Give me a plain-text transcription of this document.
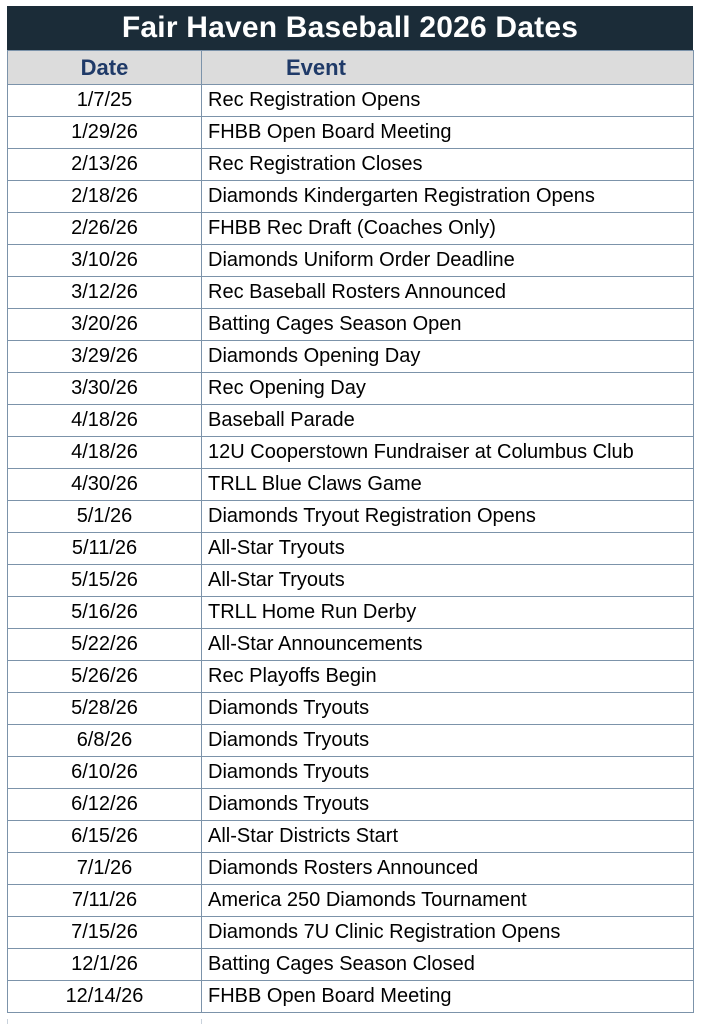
Fair Haven Baseball 2026 Dates
Date	Event
1/7/25	Rec Registration Opens
1/29/26	FHBB Open Board Meeting
2/13/26	Rec Registration Closes
2/18/26	Diamonds Kindergarten Registration Opens
2/26/26	FHBB Rec Draft (Coaches Only)
3/10/26	Diamonds Uniform Order Deadline
3/12/26	Rec Baseball Rosters Announced
3/20/26	Batting Cages Season Open
3/29/26	Diamonds Opening Day
3/30/26	Rec Opening Day
4/18/26	Baseball Parade
4/18/26	12U Cooperstown Fundraiser at Columbus Club
4/30/26	TRLL Blue Claws Game
5/1/26	Diamonds Tryout Registration Opens
5/11/26	All-Star Tryouts
5/15/26	All-Star Tryouts
5/16/26	TRLL Home Run Derby
5/22/26	All-Star Announcements
5/26/26	Rec Playoffs Begin
5/28/26	Diamonds Tryouts
6/8/26	Diamonds Tryouts
6/10/26	Diamonds Tryouts
6/12/26	Diamonds Tryouts
6/15/26	All-Star Districts Start
7/1/26	Diamonds Rosters Announced
7/11/26	America 250 Diamonds Tournament
7/15/26	Diamonds 7U Clinic Registration Opens
12/1/26	Batting Cages Season Closed
12/14/26	FHBB Open Board Meeting
